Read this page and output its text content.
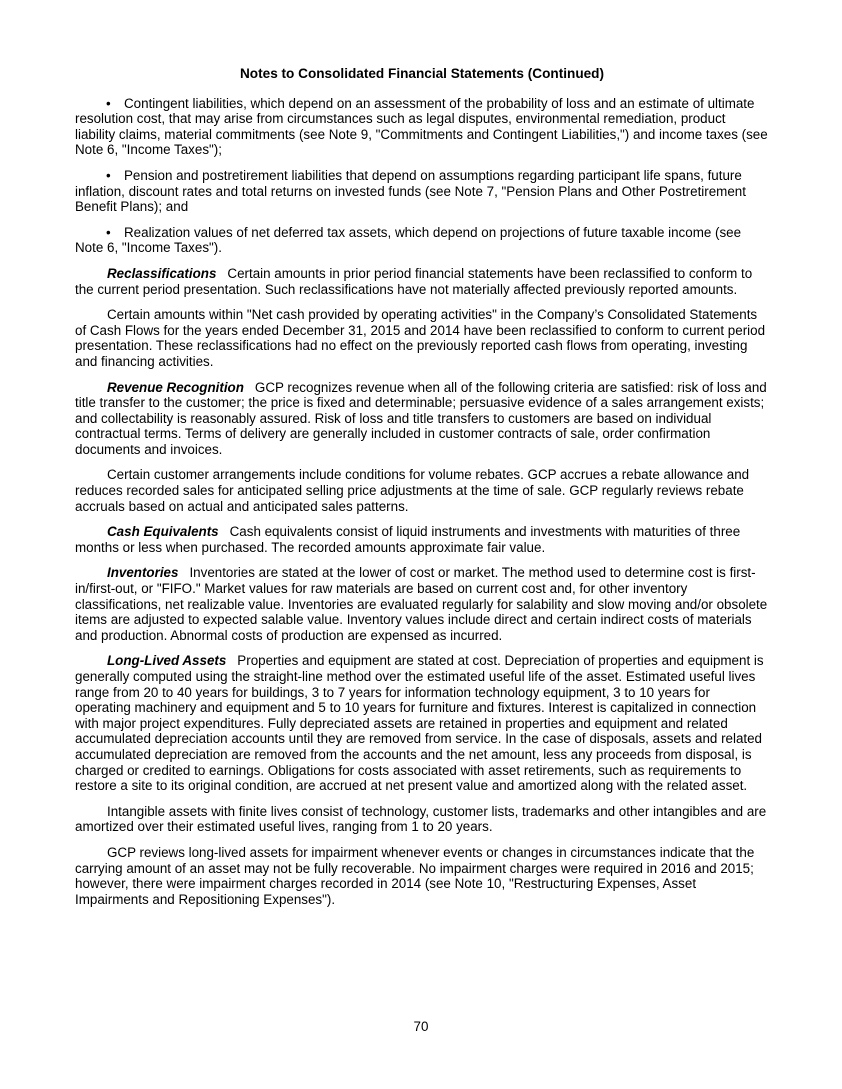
Notes to Consolidated Financial Statements (Continued)

• Contingent liabilities, which depend on an assessment of the probability of loss and an estimate of ultimate resolution cost, that may arise from circumstances such as legal disputes, environmental remediation, product liability claims, material commitments (see Note 9, "Commitments and Contingent Liabilities,") and income taxes (see Note 6, "Income Taxes");

• Pension and postretirement liabilities that depend on assumptions regarding participant life spans, future inflation, discount rates and total returns on invested funds (see Note 7, "Pension Plans and Other Postretirement Benefit Plans); and

• Realization values of net deferred tax assets, which depend on projections of future taxable income (see Note 6, "Income Taxes").

Reclassifications Certain amounts in prior period financial statements have been reclassified to conform to the current period presentation. Such reclassifications have not materially affected previously reported amounts.

Certain amounts within "Net cash provided by operating activities" in the Company’s Consolidated Statements of Cash Flows for the years ended December 31, 2015 and 2014 have been reclassified to conform to current period presentation. These reclassifications had no effect on the previously reported cash flows from operating, investing and financing activities.

Revenue Recognition GCP recognizes revenue when all of the following criteria are satisfied: risk of loss and title transfer to the customer; the price is fixed and determinable; persuasive evidence of a sales arrangement exists; and collectability is reasonably assured. Risk of loss and title transfers to customers are based on individual contractual terms. Terms of delivery are generally included in customer contracts of sale, order confirmation documents and invoices.

Certain customer arrangements include conditions for volume rebates. GCP accrues a rebate allowance and reduces recorded sales for anticipated selling price adjustments at the time of sale. GCP regularly reviews rebate accruals based on actual and anticipated sales patterns.

Cash Equivalents Cash equivalents consist of liquid instruments and investments with maturities of three months or less when purchased. The recorded amounts approximate fair value.

Inventories Inventories are stated at the lower of cost or market. The method used to determine cost is first-in/first-out, or "FIFO." Market values for raw materials are based on current cost and, for other inventory classifications, net realizable value. Inventories are evaluated regularly for salability and slow moving and/or obsolete items are adjusted to expected salable value. Inventory values include direct and certain indirect costs of materials and production. Abnormal costs of production are expensed as incurred.

Long-Lived Assets Properties and equipment are stated at cost. Depreciation of properties and equipment is generally computed using the straight-line method over the estimated useful life of the asset. Estimated useful lives range from 20 to 40 years for buildings, 3 to 7 years for information technology equipment, 3 to 10 years for operating machinery and equipment and 5 to 10 years for furniture and fixtures. Interest is capitalized in connection with major project expenditures. Fully depreciated assets are retained in properties and equipment and related accumulated depreciation accounts until they are removed from service. In the case of disposals, assets and related accumulated depreciation are removed from the accounts and the net amount, less any proceeds from disposal, is charged or credited to earnings. Obligations for costs associated with asset retirements, such as requirements to restore a site to its original condition, are accrued at net present value and amortized along with the related asset.

Intangible assets with finite lives consist of technology, customer lists, trademarks and other intangibles and are amortized over their estimated useful lives, ranging from 1 to 20 years.

GCP reviews long-lived assets for impairment whenever events or changes in circumstances indicate that the carrying amount of an asset may not be fully recoverable. No impairment charges were required in 2016 and 2015; however, there were impairment charges recorded in 2014 (see Note 10, "Restructuring Expenses, Asset Impairments and Repositioning Expenses").

70
